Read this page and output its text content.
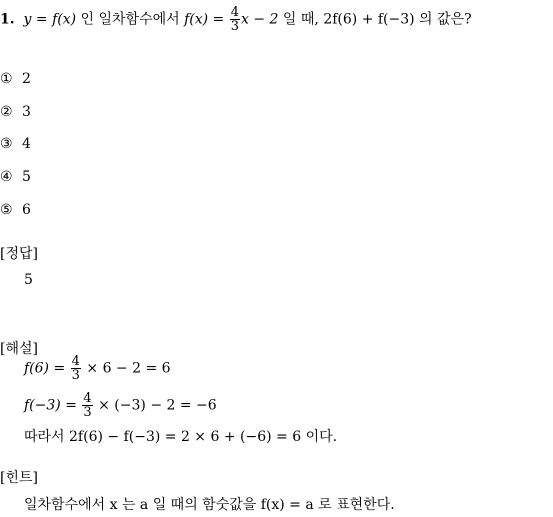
1. y = f(x) 인 일차함수에서 $f(x) = \frac{4}{3}$ x − 2 일 때, 2f(6) + f(−3) 의 값은?
① 2
② 3
③ 4
④ 5
⑤ 6
[정답]
5
[해설]
$f(6) = \frac{4}{3} \times 6 - 2 = 6$
$f(-3) = \frac{4}{3} \times (-3) - 2 = -6$
따라서 2f(6) − f(−3) = 2 × 6 + (−6) = 6 이다.
[힌트]
일차함수에서 x 는 a 일 때의 함숫값을 f(x) = a 로 표현한다.
